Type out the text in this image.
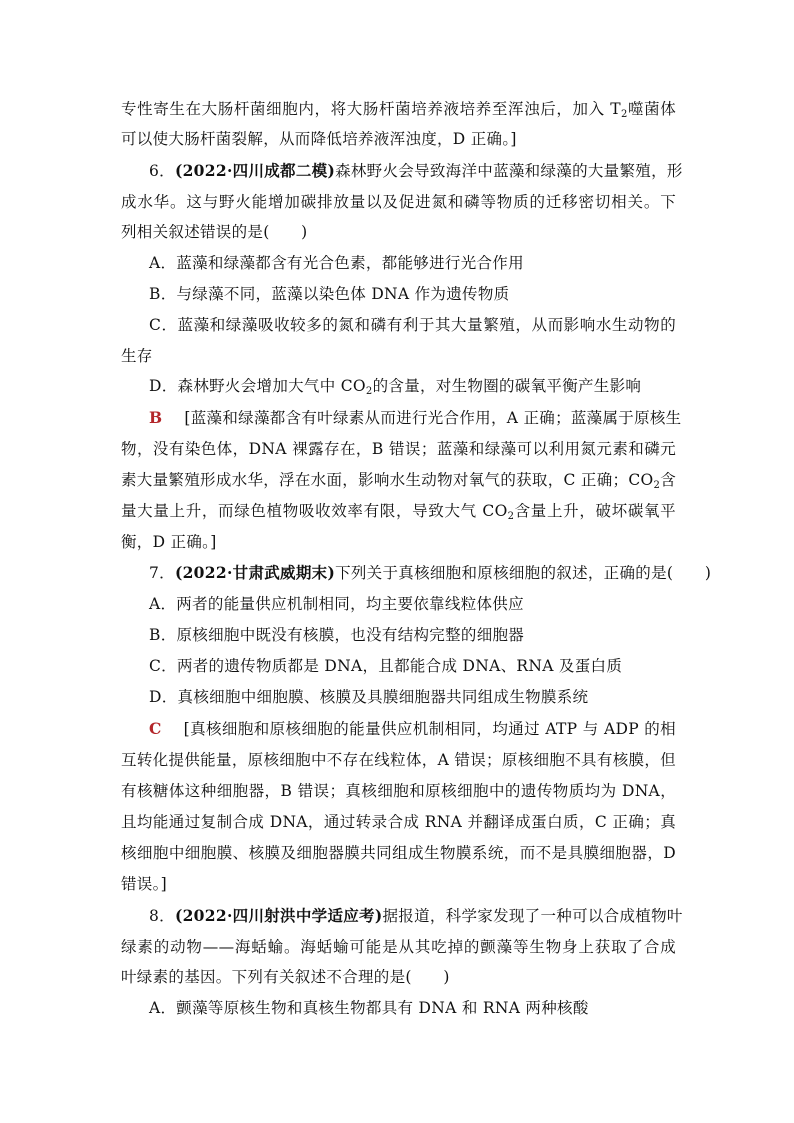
专性寄生在大肠杆菌细胞内，将大肠杆菌培养液培养至浑浊后，加入 $T_2$噬菌体
可以使大肠杆菌裂解，从而降低培养液浑浊度，D 正确。]
6．(2022·四川成都二模)森林野火会导致海洋中蓝藻和绿藻的大量繁殖，形
成水华。这与野火能增加碳排放量以及促进氮和磷等物质的迁移密切相关。下
列相关叙述错误的是(　　)
A．蓝藻和绿藻都含有光合色素，都能够进行光合作用
B．与绿藻不同，蓝藻以染色体 DNA 作为遗传物质
C．蓝藻和绿藻吸收较多的氮和磷有利于其大量繁殖，从而影响水生动物的
生存
D．森林野火会增加大气中 $CO_2$的含量，对生物圈的碳氧平衡产生影响
B [蓝藻和绿藻都含有叶绿素从而进行光合作用，A 正确；蓝藻属于原核生
物，没有染色体，DNA 裸露存在，B 错误；蓝藻和绿藻可以利用氮元素和磷元
素大量繁殖形成水华，浮在水面，影响水生动物对氧气的获取，C 正确；$CO_2$含
量大量上升，而绿色植物吸收效率有限，导致大气 $CO_2$含量上升，破坏碳氧平
衡，D 正确。]
7．(2022·甘肃武威期末)下列关于真核细胞和原核细胞的叙述，正确的是(　　)
A．两者的能量供应机制相同，均主要依靠线粒体供应
B．原核细胞中既没有核膜，也没有结构完整的细胞器
C．两者的遗传物质都是 DNA，且都能合成 DNA、RNA 及蛋白质
D．真核细胞中细胞膜、核膜及具膜细胞器共同组成生物膜系统
C [真核细胞和原核细胞的能量供应机制相同，均通过 ATP 与 ADP 的相
互转化提供能量，原核细胞中不存在线粒体，A 错误；原核细胞不具有核膜，但
有核糖体这种细胞器，B 错误；真核细胞和原核细胞中的遗传物质均为 DNA，
且均能通过复制合成 DNA，通过转录合成 RNA 并翻译成蛋白质，C 正确；真
核细胞中细胞膜、核膜及细胞器膜共同组成生物膜系统，而不是具膜细胞器，D
错误。]
8．(2022·四川射洪中学适应考)据报道，科学家发现了一种可以合成植物叶
绿素的动物——海蛞蝓。海蛞蝓可能是从其吃掉的颤藻等生物身上获取了合成
叶绿素的基因。下列有关叙述不合理的是(　　)
A．颤藻等原核生物和真核生物都具有 DNA 和 RNA 两种核酸
